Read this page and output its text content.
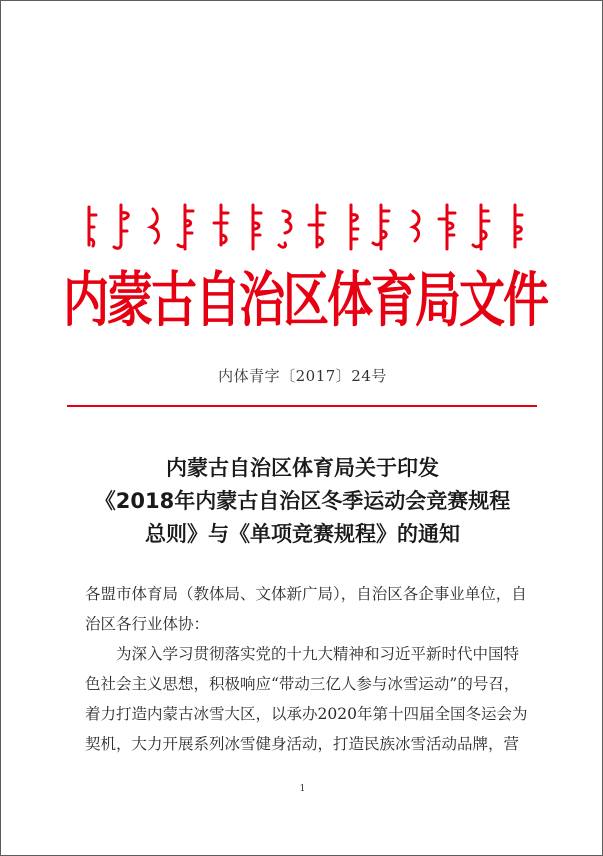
内蒙古自治区体育局文件
内体青字〔2017〕24号
内蒙古自治区体育局关于印发
《2018年内蒙古自治区冬季运动会竞赛规程
总则》与《单项竞赛规程》的通知

各盟市体育局（教体局、文体新广局），自治区各企事业单位，自治区各行业体协：

为深入学习贯彻落实党的十九大精神和习近平新时代中国特色社会主义思想，积极响应“带动三亿人参与冰雪运动”的号召，着力打造内蒙古冰雪大区，以承办2020年第十四届全国冬运会为契机，大力开展系列冰雪健身活动，打造民族冰雪活动品牌，营

1
